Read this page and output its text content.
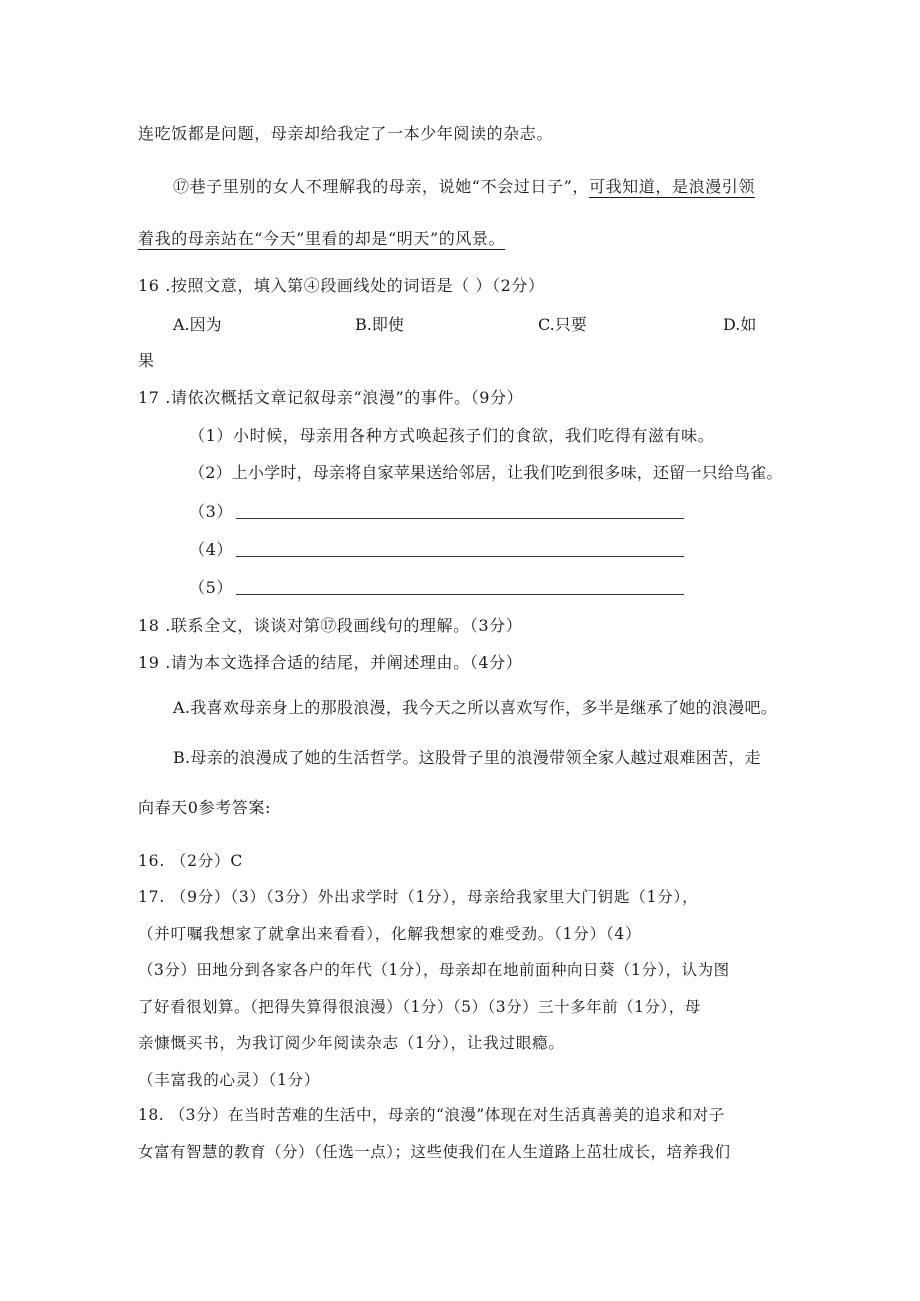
连吃饭都是问题，母亲却给我定了一本少年阅读的杂志。
⑰巷子里别的女人不理解我的母亲，说她“不会过日子”，可我知道，是浪漫引领
着我的母亲站在“今天”里看的却是“明天”的风景。
16 .按照文意，填入第④段画线处的词语是（ ）（2分）
A.因为	B.即使	C.只要	D.如
果
17 .请依次概括文章记叙母亲“浪漫”的事件。（9分）
（1）小时候，母亲用各种方式唤起孩子们的食欲，我们吃得有滋有味。
（2）上小学时，母亲将自家苹果送给邻居，让我们吃到很多味，还留一只给鸟雀。
（3）
（4）
（5）
18 .联系全文，谈谈对第⑰段画线句的理解。（3分）
19 .请为本文选择合适的结尾，并阐述理由。（4分）
A.我喜欢母亲身上的那股浪漫，我今天之所以喜欢写作，多半是继承了她的浪漫吧。
B.母亲的浪漫成了她的生活哲学。这股骨子里的浪漫带领全家人越过艰难困苦，走
向春天0参考答案:
16. （2分）C
17. （9分）（3）（3分）外出求学时（1分），母亲给我家里大门钥匙（1分），
（并叮嘱我想家了就拿出来看看），化解我想家的难受劲。（1分）（4）
（3分）田地分到各家各户的年代（1分），母亲却在地前面种向日葵（1分），认为图
了好看很划算。（把得失算得很浪漫）（1分）（5）（3分）三十多年前（1分），母
亲慷慨买书，为我订阅少年阅读杂志（1分），让我过眼瘾。
（丰富我的心灵）（1分）
18. （3分）在当时苦难的生活中，母亲的“浪漫”体现在对生活真善美的追求和对子
女富有智慧的教育（分）（任选一点）；这些使我们在人生道路上茁壮成长，培养我们
